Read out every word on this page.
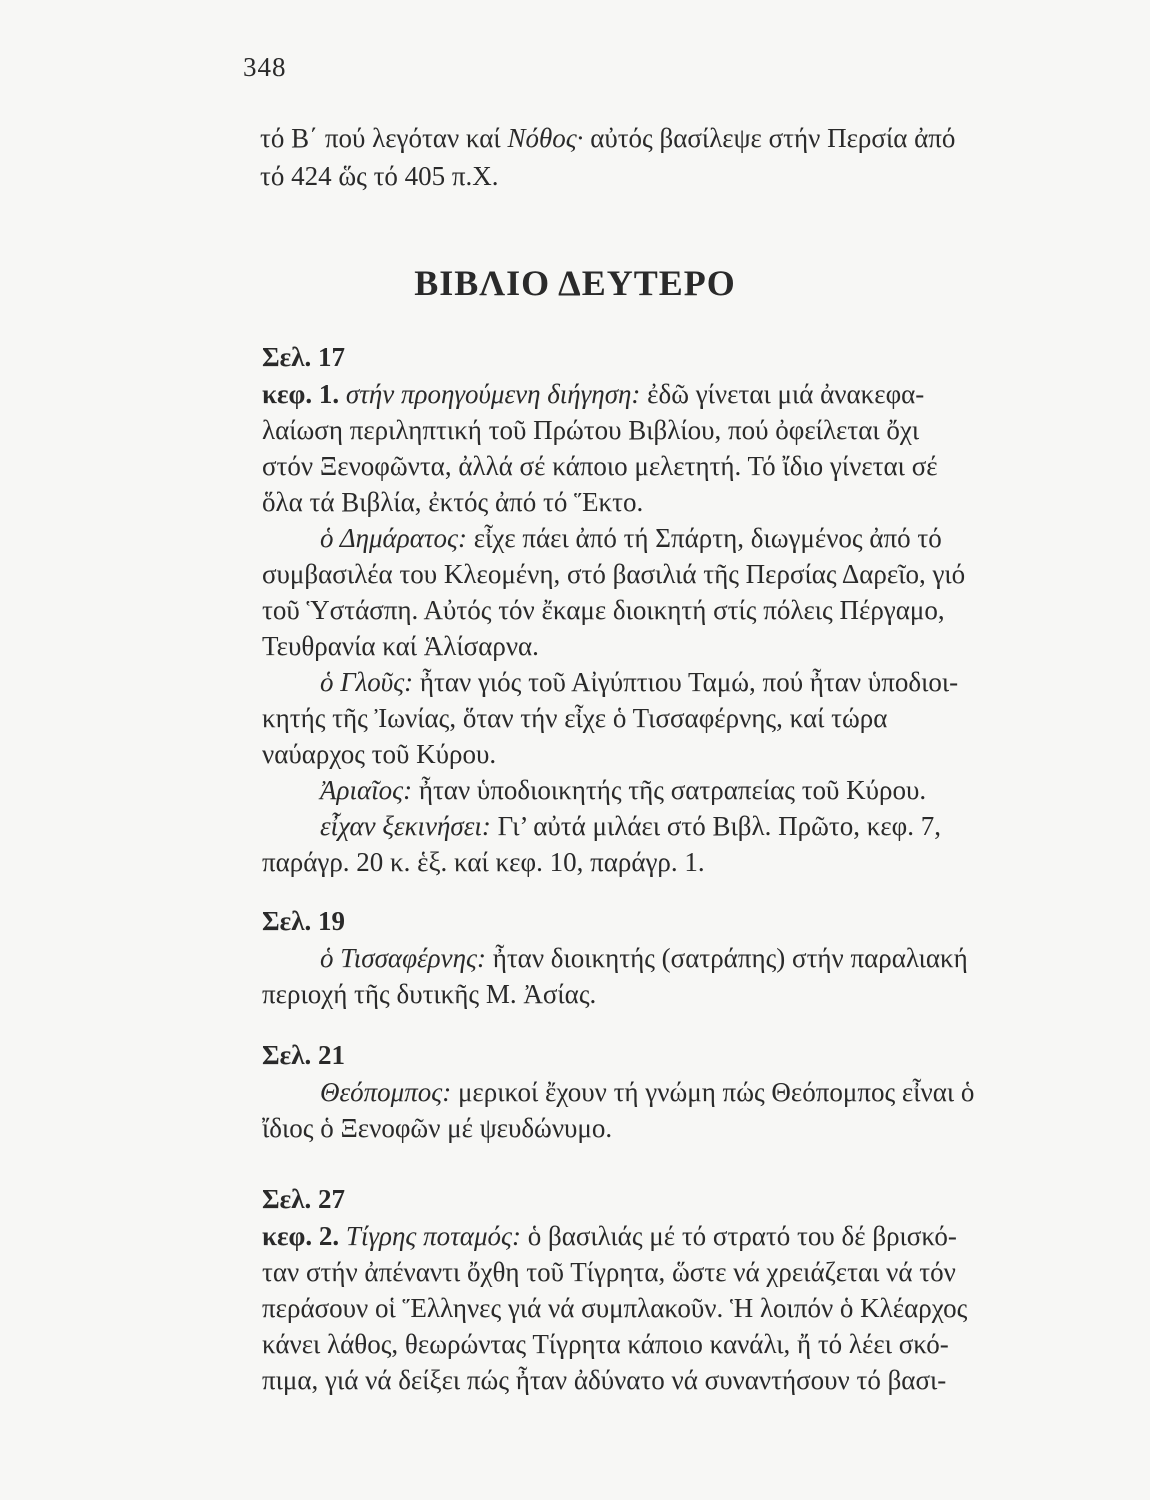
348
τό Β΄ πού λεγόταν καί Νόθος· αὐτός βασίλεψε στήν Περσία ἀπό
τό 424 ὥς τό 405 π.Χ.
ΒΙΒΛΙΟ ΔΕΥΤΕΡΟ
Σελ. 17
κεφ. 1. στήν προηγούμενη διήγηση: ἐδῶ γίνεται μιά ἀνακεφα-
λαίωση περιληπτική τοῦ Πρώτου Βιβλίου, πού ὀφείλεται ὄχι
στόν Ξενοφῶντα, ἀλλά σέ κάποιο μελετητή. Τό ἴδιο γίνεται σέ
ὅλα τά Βιβλία, ἐκτός ἀπό τό Ἕκτο.
ὁ Δημάρατος: εἶχε πάει ἀπό τή Σπάρτη, διωγμένος ἀπό τό
συμβασιλέα του Κλεομένη, στό βασιλιά τῆς Περσίας Δαρεῖο, γιό
τοῦ Ὑστάσπη. Αὐτός τόν ἔκαμε διοικητή στίς πόλεις Πέργαμο,
Τευθρανία καί Ἁλίσαρνα.
ὁ Γλοῦς: ἦταν γιός τοῦ Αἰγύπτιου Ταμώ, πού ἦταν ὑποδιοι-
κητής τῆς Ἰωνίας, ὅταν τήν εἶχε ὁ Τισσαφέρνης, καί τώρα
ναύαρχος τοῦ Κύρου.
Ἀριαῖος: ἦταν ὑποδιοικητής τῆς σατραπείας τοῦ Κύρου.
εἶχαν ξεκινήσει: Γι’ αὐτά μιλάει στό Βιβλ. Πρῶτο, κεφ. 7,
παράγρ. 20 κ. ἑξ. καί κεφ. 10, παράγρ. 1.
Σελ. 19
ὁ Τισσαφέρνης: ἦταν διοικητής (σατράπης) στήν παραλιακή
περιοχή τῆς δυτικῆς Μ. Ἀσίας.
Σελ. 21
Θεόπομπος: μερικοί ἔχουν τή γνώμη πώς Θεόπομπος εἶναι ὁ
ἴδιος ὁ Ξενοφῶν μέ ψευδώνυμο.
Σελ. 27
κεφ. 2. Τίγρης ποταμός: ὁ βασιλιάς μέ τό στρατό του δέ βρισκό-
ταν στήν ἀπέναντι ὄχθη τοῦ Τίγρητα, ὥστε νά χρειάζεται νά τόν
περάσουν οἱ Ἕλληνες γιά νά συμπλακοῦν. Ἡ λοιπόν ὁ Κλέαρχος
κάνει λάθος, θεωρώντας Τίγρητα κάποιο κανάλι, ἤ τό λέει σκό-
πιμα, γιά νά δείξει πώς ἦταν ἀδύνατο νά συναντήσουν τό βασι-
